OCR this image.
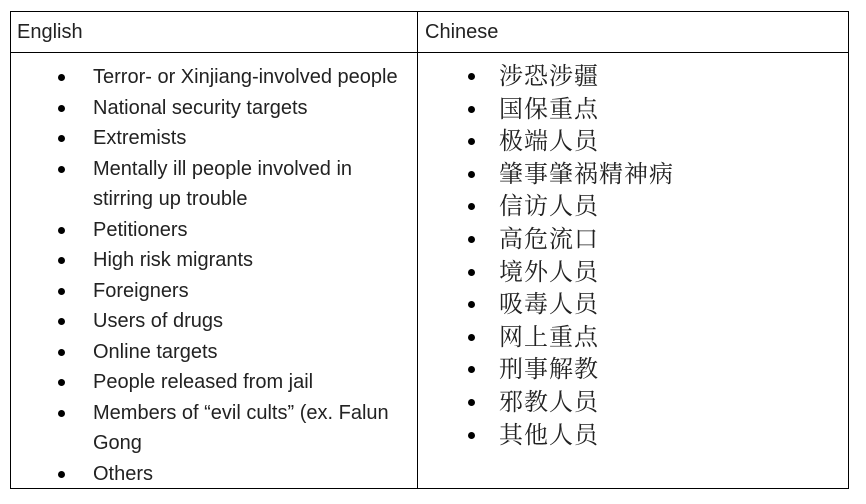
English	Chinese
Terror- or Xinjiang-involved people
National security targets
Extremists
Mentally ill people involved in stirring up trouble
Petitioners
High risk migrants
Foreigners
Users of drugs
Online targets
People released from jail
Members of “evil cults” (ex. Falun Gong
Others
涉恐涉疆
国保重点
极端人员
肇事肇祸精神病
信访人员
高危流口
境外人员
吸毒人员
网上重点
刑事解教
邪教人员
其他人员
